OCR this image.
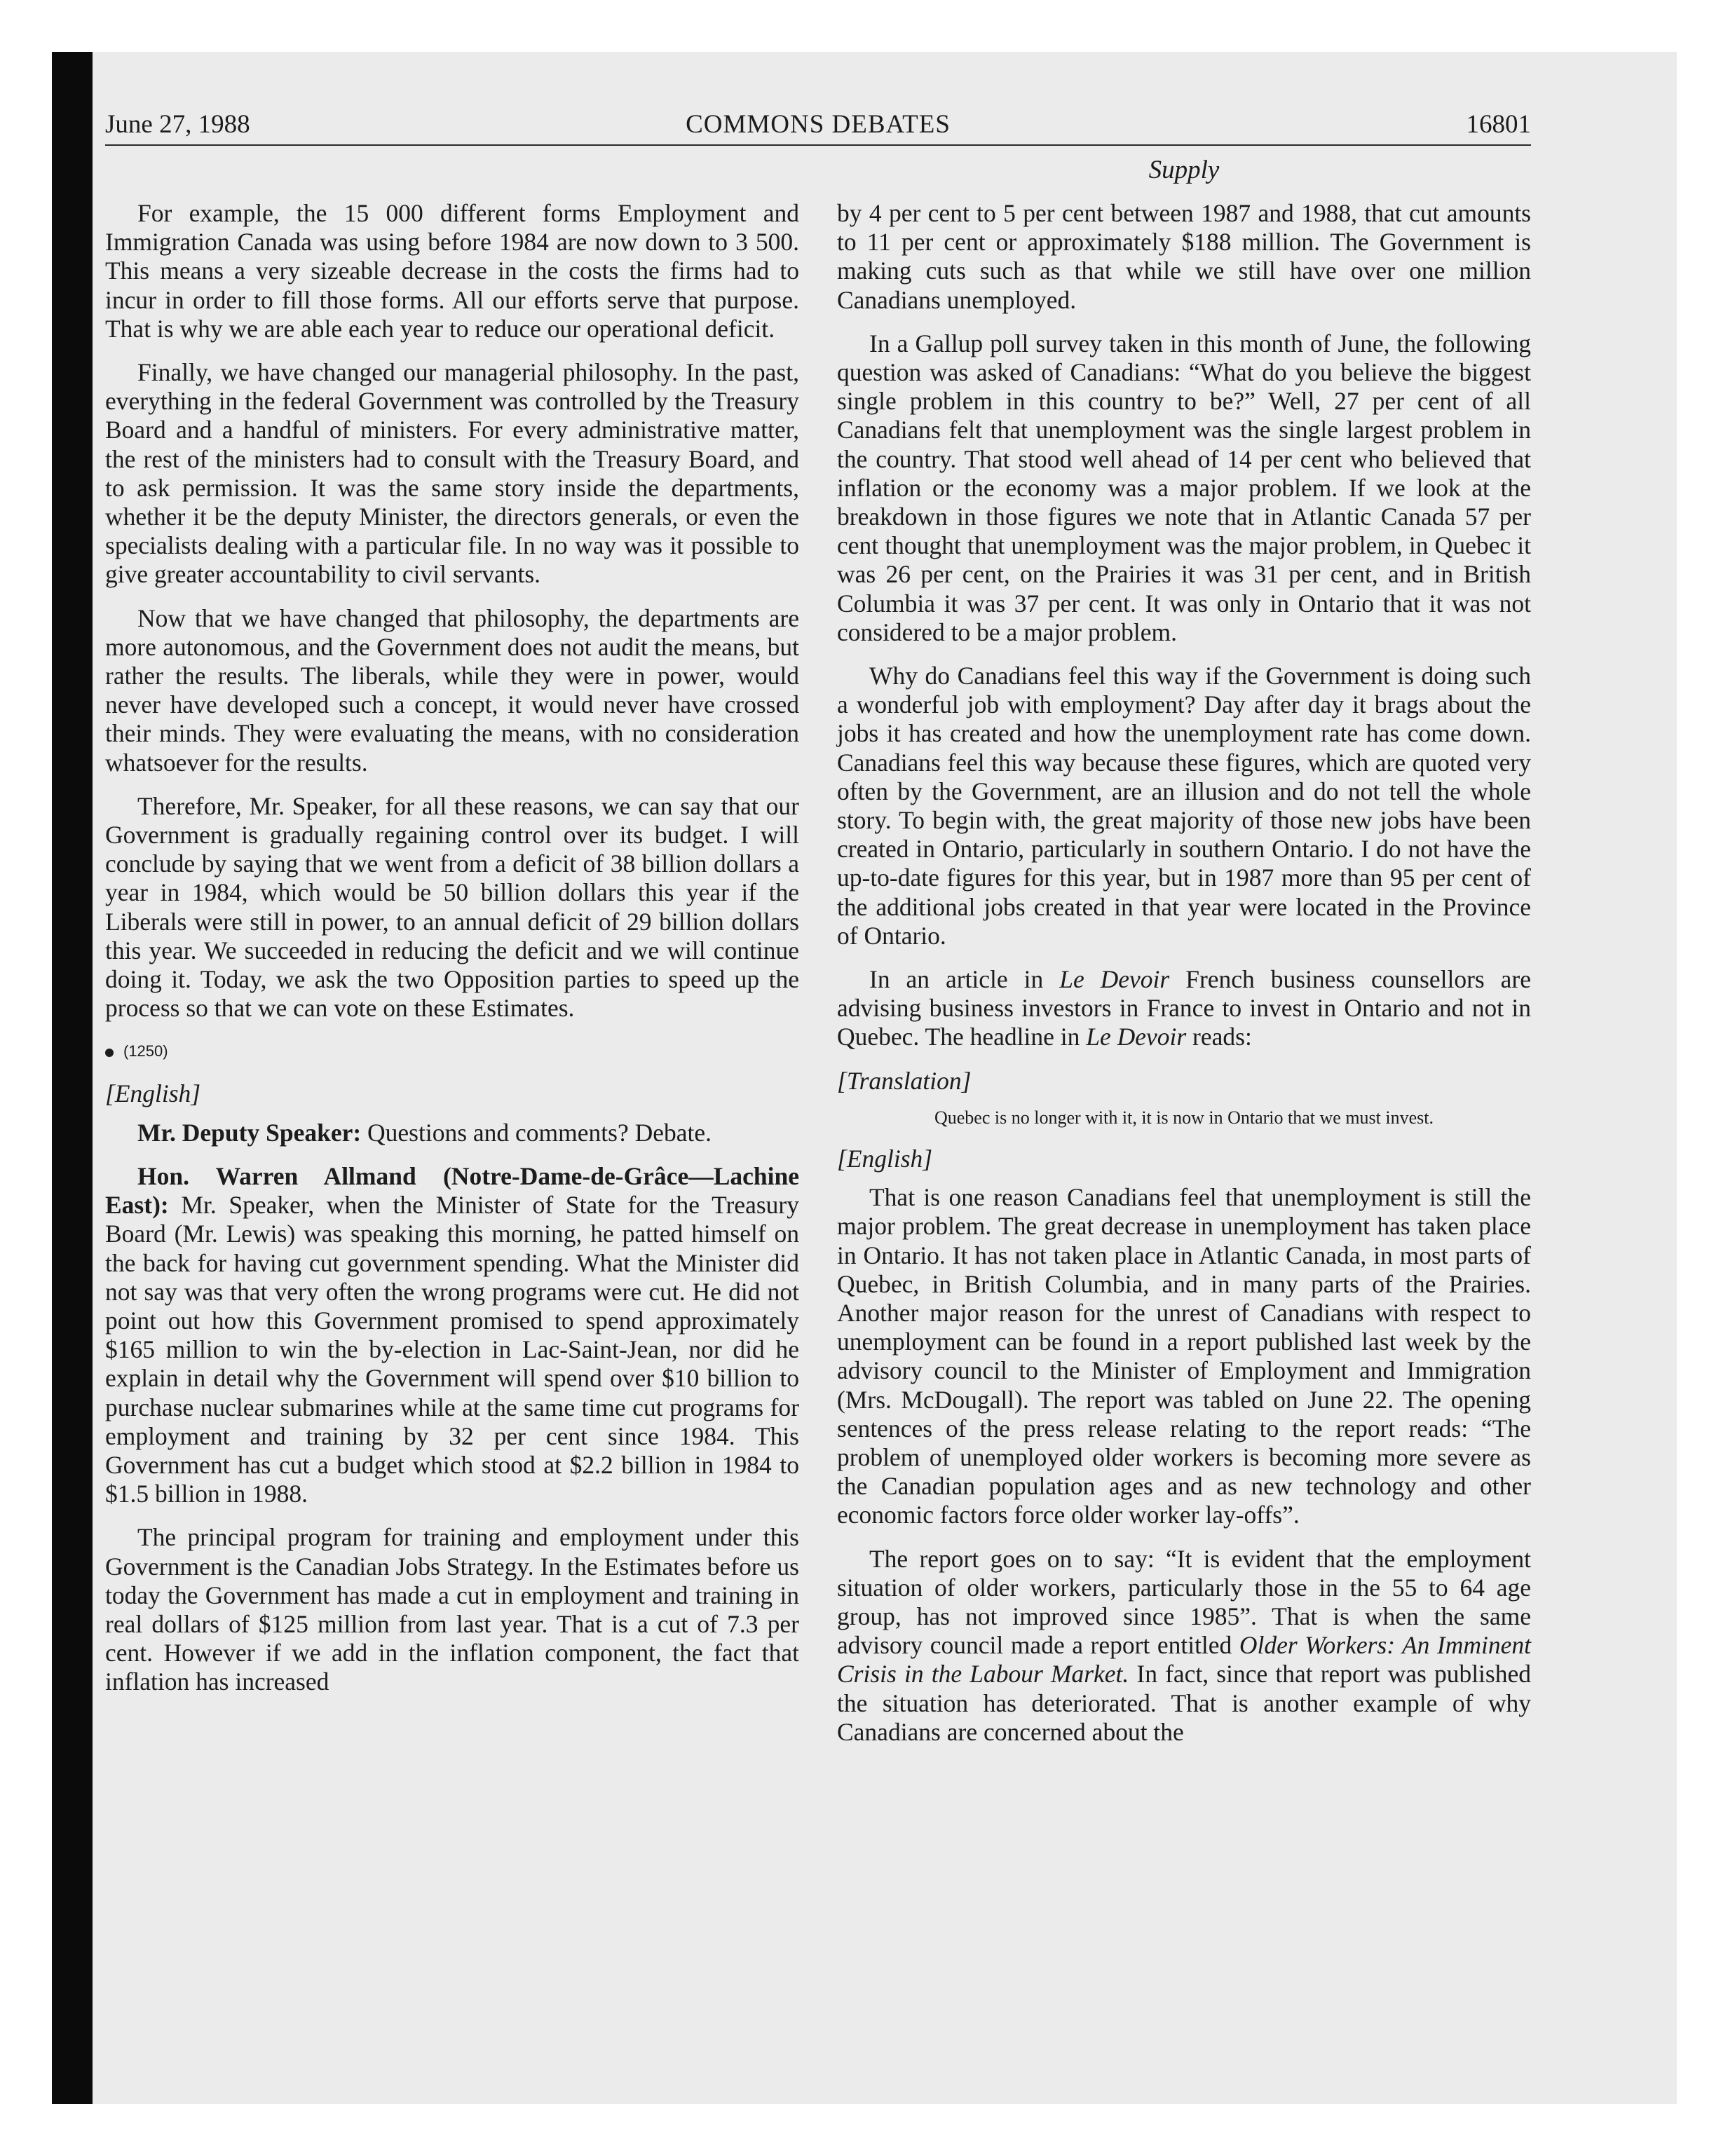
June 27, 1988	COMMONS DEBATES	16801
Supply

For example, the 15 000 different forms Employment and Immigration Canada was using before 1984 are now down to 3 500. This means a very sizeable decrease in the costs the firms had to incur in order to fill those forms. All our efforts serve that purpose. That is why we are able each year to reduce our operational deficit.

Finally, we have changed our managerial philosophy. In the past, everything in the federal Government was controlled by the Treasury Board and a handful of ministers. For every administrative matter, the rest of the ministers had to consult with the Treasury Board, and to ask permission. It was the same story inside the departments, whether it be the deputy Minister, the directors generals, or even the specialists dealing with a particular file. In no way was it possible to give greater accountability to civil servants.

Now that we have changed that philosophy, the departments are more autonomous, and the Government does not audit the means, but rather the results. The liberals, while they were in power, would never have developed such a concept, it would never have crossed their minds. They were evaluating the means, with no consideration whatsoever for the results.

Therefore, Mr. Speaker, for all these reasons, we can say that our Government is gradually regaining control over its budget. I will conclude by saying that we went from a deficit of 38 billion dollars a year in 1984, which would be 50 billion dollars this year if the Liberals were still in power, to an annual deficit of 29 billion dollars this year. We succeeded in reducing the deficit and we will continue doing it. Today, we ask the two Opposition parties to speed up the process so that we can vote on these Estimates.

(1250)
[English]

Mr. Deputy Speaker: Questions and comments? Debate.

Hon. Warren Allmand (Notre-Dame-de-Grâce—Lachine East): Mr. Speaker, when the Minister of State for the Treasury Board (Mr. Lewis) was speaking this morning, he patted himself on the back for having cut government spending. What the Minister did not say was that very often the wrong programs were cut. He did not point out how this Government promised to spend approximately $165 million to win the by-election in Lac-Saint-Jean, nor did he explain in detail why the Government will spend over $10 billion to purchase nuclear submarines while at the same time cut programs for employment and training by 32 per cent since 1984. This Government has cut a budget which stood at $2.2 billion in 1984 to $1.5 billion in 1988.

The principal program for training and employment under this Government is the Canadian Jobs Strategy. In the Estimates before us today the Government has made a cut in employment and training in real dollars of $125 million from last year. That is a cut of 7.3 per cent. However if we add in the inflation component, the fact that inflation has increased

by 4 per cent to 5 per cent between 1987 and 1988, that cut amounts to 11 per cent or approximately $188 million. The Government is making cuts such as that while we still have over one million Canadians unemployed.

In a Gallup poll survey taken in this month of June, the following question was asked of Canadians: “What do you believe the biggest single problem in this country to be?” Well, 27 per cent of all Canadians felt that unemployment was the single largest problem in the country. That stood well ahead of 14 per cent who believed that inflation or the economy was a major problem. If we look at the breakdown in those figures we note that in Atlantic Canada 57 per cent thought that unemployment was the major problem, in Quebec it was 26 per cent, on the Prairies it was 31 per cent, and in British Columbia it was 37 per cent. It was only in Ontario that it was not considered to be a major problem.

Why do Canadians feel this way if the Government is doing such a wonderful job with employment? Day after day it brags about the jobs it has created and how the unemployment rate has come down. Canadians feel this way because these figures, which are quoted very often by the Government, are an illusion and do not tell the whole story. To begin with, the great majority of those new jobs have been created in Ontario, particularly in southern Ontario. I do not have the up-to-date figures for this year, but in 1987 more than 95 per cent of the additional jobs created in that year were located in the Province of Ontario.

In an article in Le Devoir French business counsellors are advising business investors in France to invest in Ontario and not in Quebec. The headline in Le Devoir reads:

[Translation]

Quebec is no longer with it, it is now in Ontario that we must invest.

[English]

That is one reason Canadians feel that unemployment is still the major problem. The great decrease in unemployment has taken place in Ontario. It has not taken place in Atlantic Canada, in most parts of Quebec, in British Columbia, and in many parts of the Prairies. Another major reason for the unrest of Canadians with respect to unemployment can be found in a report published last week by the advisory council to the Minister of Employment and Immigration (Mrs. McDougall). The report was tabled on June 22. The opening sentences of the press release relating to the report reads: “The problem of unemployed older workers is becoming more severe as the Canadian population ages and as new technology and other economic factors force older worker lay-offs”.

The report goes on to say: “It is evident that the employment situation of older workers, particularly those in the 55 to 64 age group, has not improved since 1985”. That is when the same advisory council made a report entitled Older Workers: An Imminent Crisis in the Labour Market. In fact, since that report was published the situation has deteriorated. That is another example of why Canadians are concerned about the
